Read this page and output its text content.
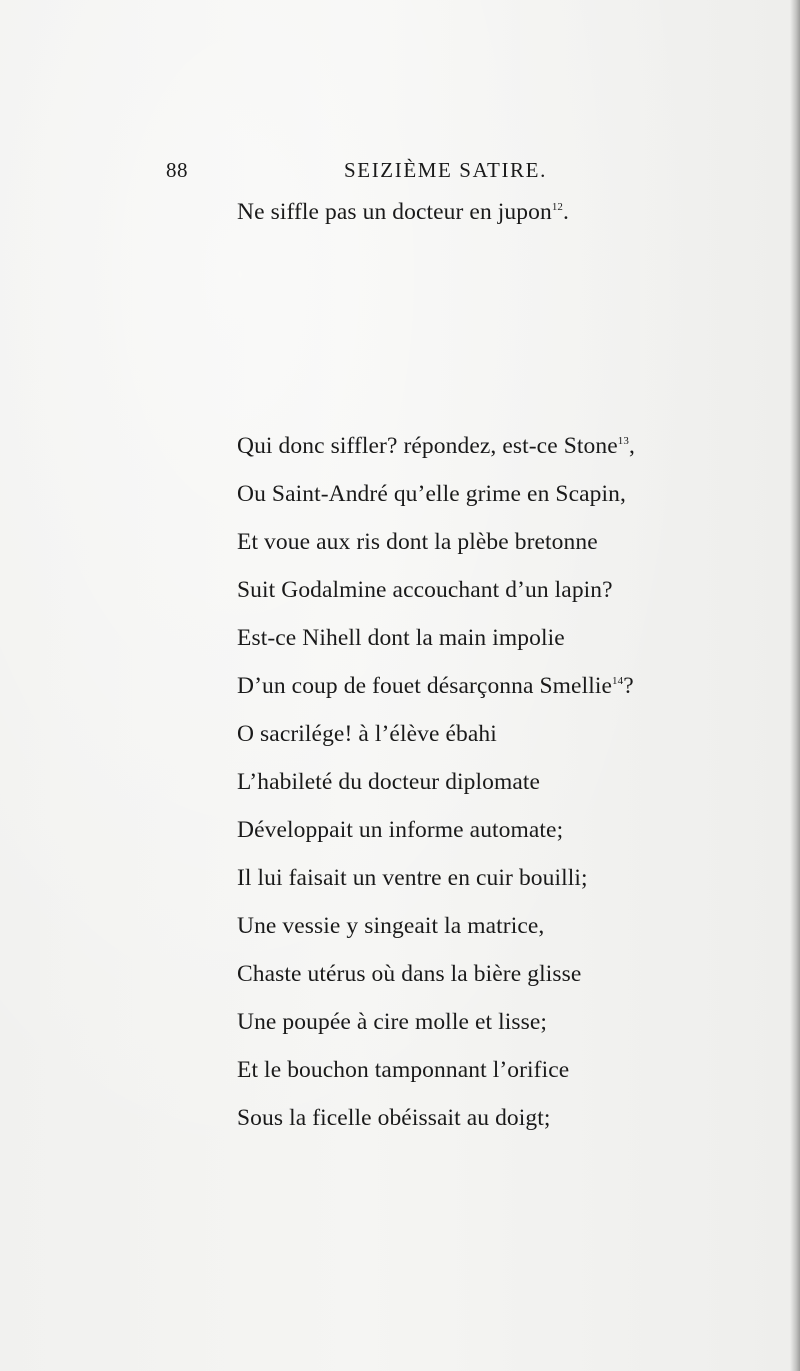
88	SEIZIÈME SATIRE.
Ne siffle pas un docteur en jupon$^{12}$.
Qui donc siffler? répondez, est-ce Stone$^{13}$,
Ou Saint-André qu’elle grime en Scapin,
Et voue aux ris dont la plèbe bretonne
Suit Godalmine accouchant d’un lapin?
Est-ce Nihell dont la main impolie
D’un coup de fouet désarçonna Smellie$^{14}$?
O sacrilége! à l’élève ébahi
L’habileté du docteur diplomate
Développait un informe automate;
Il lui faisait un ventre en cuir bouilli;
Une vessie y singeait la matrice,
Chaste utérus où dans la bière glisse
Une poupée à cire molle et lisse;
Et le bouchon tamponnant l’orifice
Sous la ficelle obéissait au doigt;
